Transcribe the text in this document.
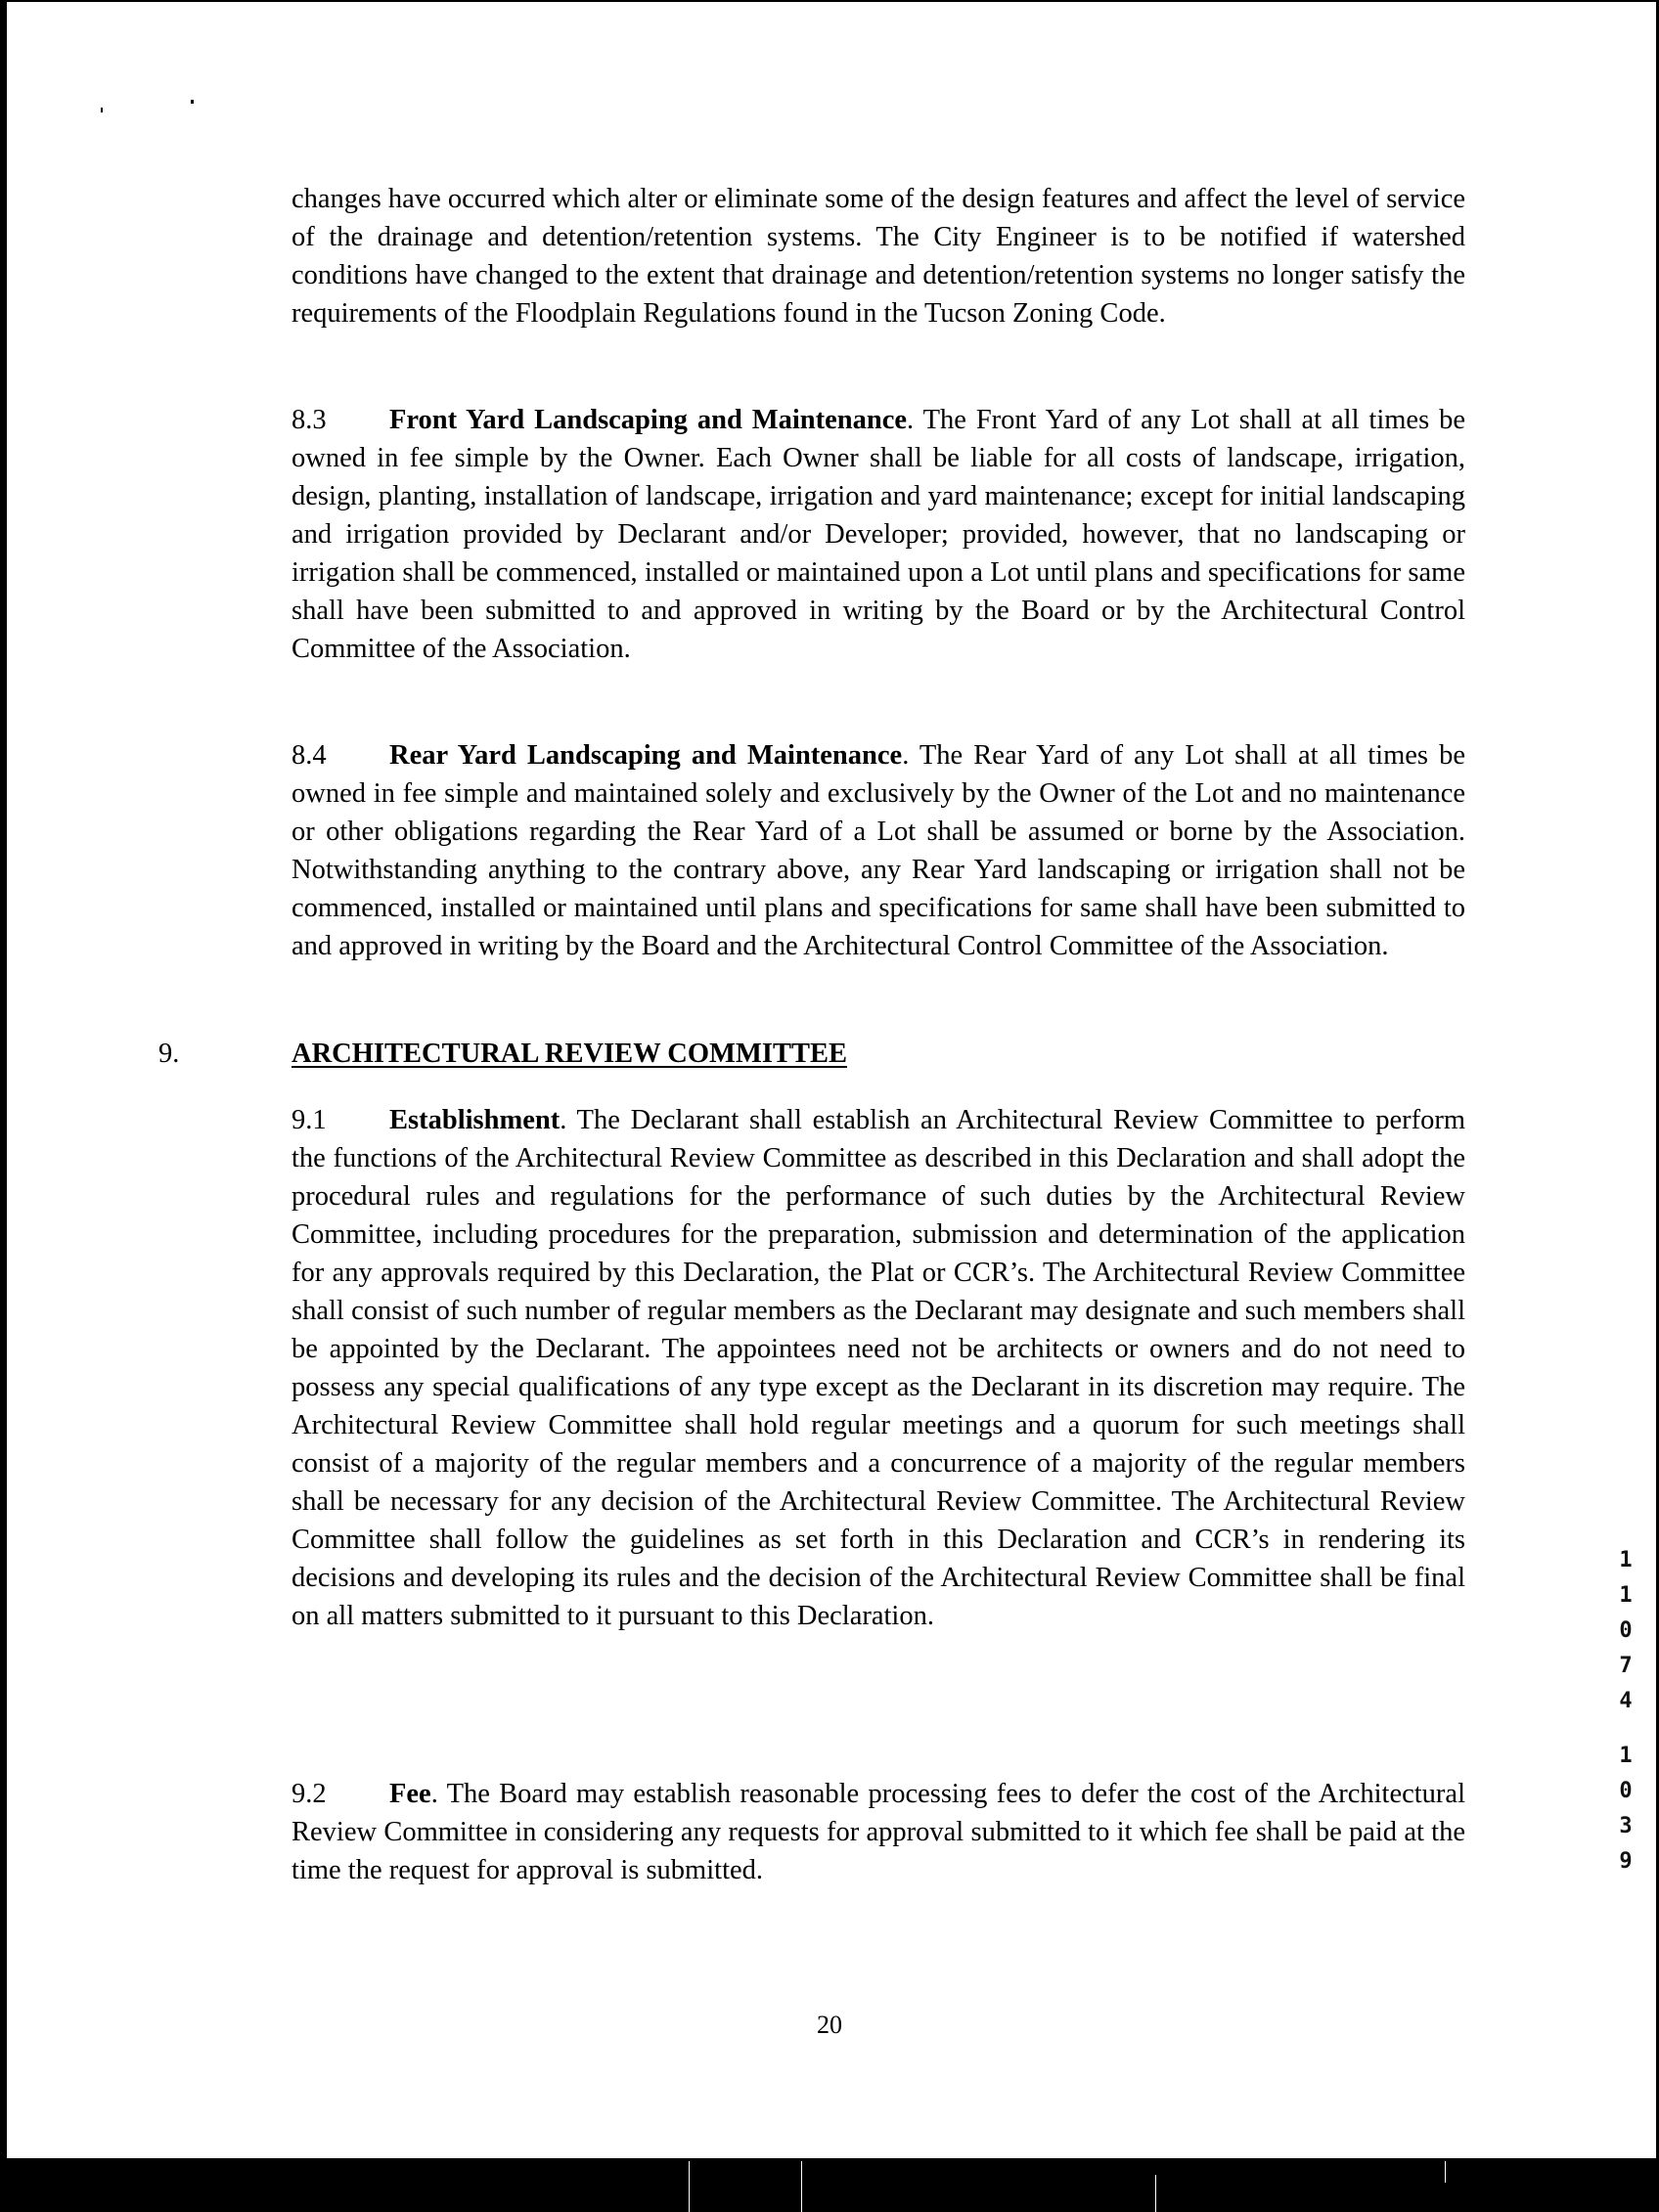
changes have occurred which alter or eliminate some of the design features and affect the level of service of the drainage and detention/retention systems. The City Engineer is to be notified if watershed conditions have changed to the extent that drainage and detention/retention systems no longer satisfy the requirements of the Floodplain Regulations found in the Tucson Zoning Code.

8.3 Front Yard Landscaping and Maintenance. The Front Yard of any Lot shall at all times be owned in fee simple by the Owner. Each Owner shall be liable for all costs of landscape, irrigation, design, planting, installation of landscape, irrigation and yard maintenance; except for initial landscaping and irrigation provided by Declarant and/or Developer; provided, however, that no landscaping or irrigation shall be commenced, installed or maintained upon a Lot until plans and specifications for same shall have been submitted to and approved in writing by the Board or by the Architectural Control Committee of the Association.

8.4 Rear Yard Landscaping and Maintenance. The Rear Yard of any Lot shall at all times be owned in fee simple and maintained solely and exclusively by the Owner of the Lot and no maintenance or other obligations regarding the Rear Yard of a Lot shall be assumed or borne by the Association. Notwithstanding anything to the contrary above, any Rear Yard landscaping or irrigation shall not be commenced, installed or maintained until plans and specifications for same shall have been submitted to and approved in writing by the Board and the Architectural Control Committee of the Association.

9.	ARCHITECTURAL REVIEW COMMITTEE

9.1 Establishment. The Declarant shall establish an Architectural Review Committee to perform the functions of the Architectural Review Committee as described in this Declaration and shall adopt the procedural rules and regulations for the performance of such duties by the Architectural Review Committee, including procedures for the preparation, submission and determination of the application for any approvals required by this Declaration, the Plat or CCR’s. The Architectural Review Committee shall consist of such number of regular members as the Declarant may designate and such members shall be appointed by the Declarant. The appointees need not be architects or owners and do not need to possess any special qualifications of any type except as the Declarant in its discretion may require. The Architectural Review Committee shall hold regular meetings and a quorum for such meetings shall consist of a majority of the regular members and a concurrence of a majority of the regular members shall be necessary for any decision of the Architectural Review Committee. The Architectural Review Committee shall follow the guidelines as set forth in this Declaration and CCR’s in rendering its decisions and developing its rules and the decision of the Architectural Review Committee shall be final on all matters submitted to it pursuant to this Declaration.

9.2 Fee. The Board may establish reasonable processing fees to defer the cost of the Architectural Review Committee in considering any requests for approval submitted to it which fee shall be paid at the time the request for approval is submitted.

20
1
1
0
7
4
1
0
3
9
